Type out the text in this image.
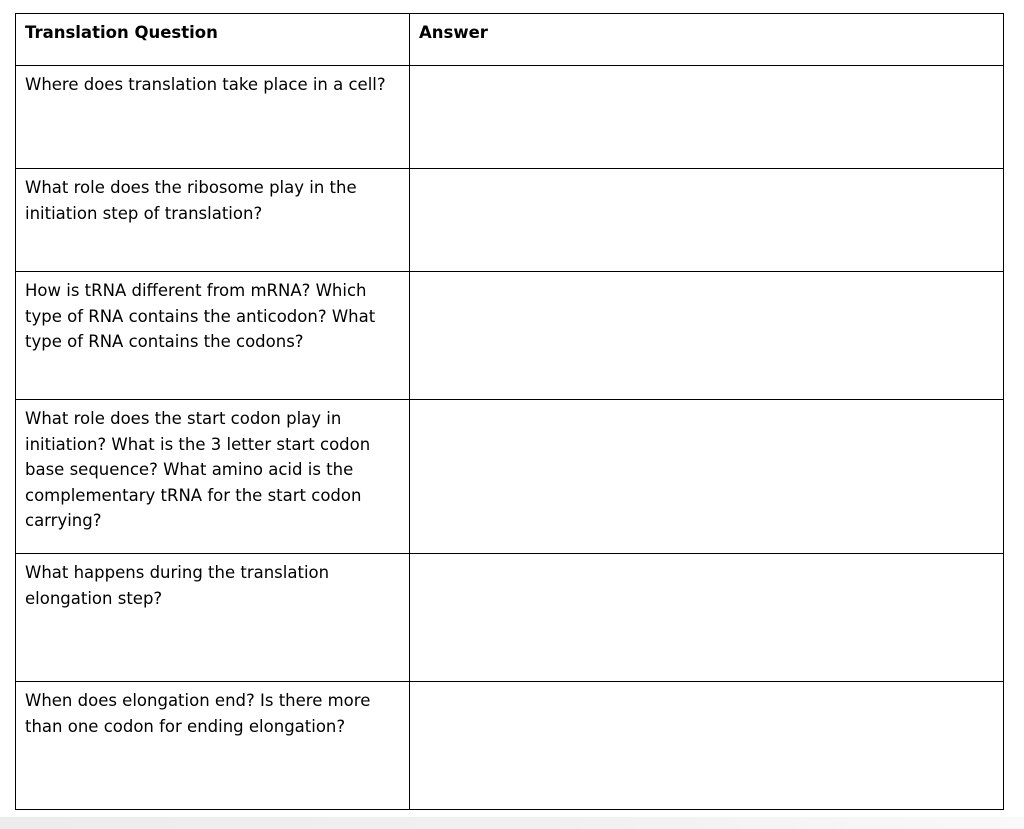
Translation Question	Answer
Where does translation take place in a cell?	
What role does the ribosome play in the initiation step of translation?	
How is tRNA different from mRNA? Which type of RNA contains the anticodon? What type of RNA contains the codons?	
What role does the start codon play in initiation? What is the 3 letter start codon base sequence? What amino acid is the complementary tRNA for the start codon carrying?	
What happens during the translation elongation step?	
When does elongation end? Is there more than one codon for ending elongation?	
